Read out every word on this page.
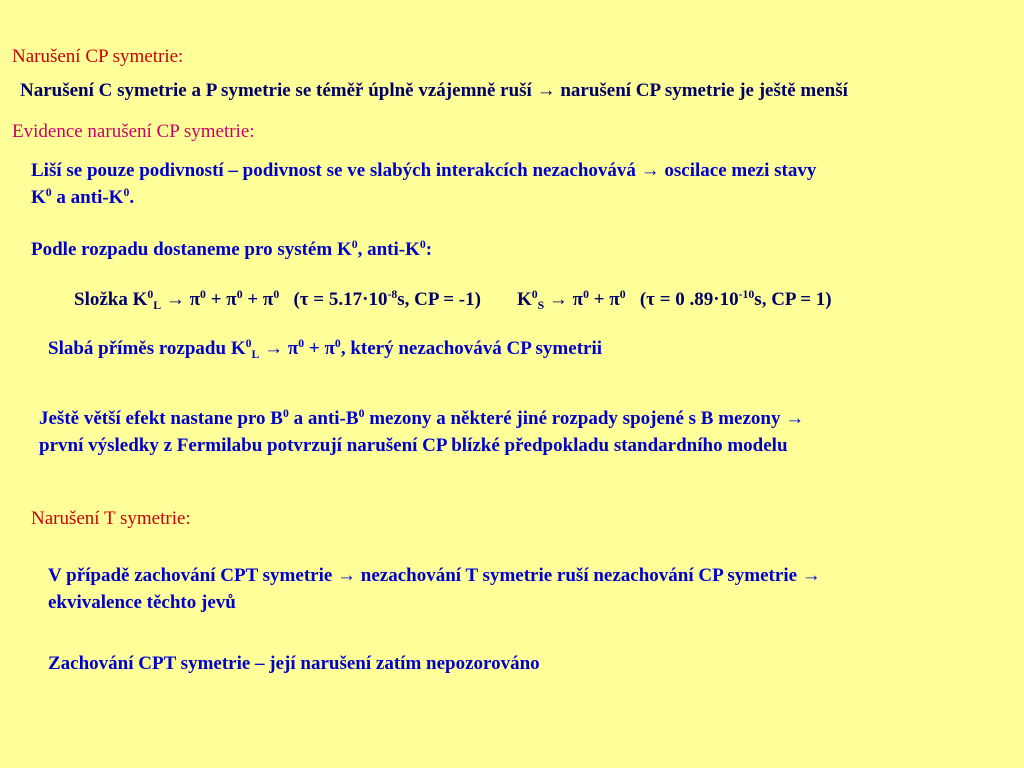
Narušení CP symetrie:
Narušení C symetrie a P symetrie se téměř úplně vzájemně ruší → narušení CP symetrie je ještě menší
Evidence narušení CP symetrie:
Liší se pouze podivností – podivnost se ve slabých interakcích nezachovává → oscilace mezi stavy
$K^0$ a anti-$K^0$.
Podle rozpadu dostaneme pro systém $K^0$, anti-$K^0$:
Složka $K^0_L \to \pi^0 + \pi^0 + \pi^0$ ($\tau = 5.17\cdot 10^{-8}s$, CP = -1) $K^0_S \to \pi^0 + \pi^0$ (τ = 0 $.89\cdot 10^{-10}s$, CP = 1)
Slabá příměs rozpadu $K^0_L \to \pi^0 + \pi^0$, který nezachovává CP symetrii
Ještě větší efekt nastane pro $B^0$ a anti-$B^0$ mezony a některé jiné rozpady spojené s B mezony →
první výsledky z Fermilabu potvrzují narušení CP blízké předpokladu standardního modelu
Narušení T symetrie:
V případě zachování CPT symetrie → nezachování T symetrie ruší nezachování CP symetrie →
ekvivalence těchto jevů
Zachování CPT symetrie – její narušení zatím nepozorováno
